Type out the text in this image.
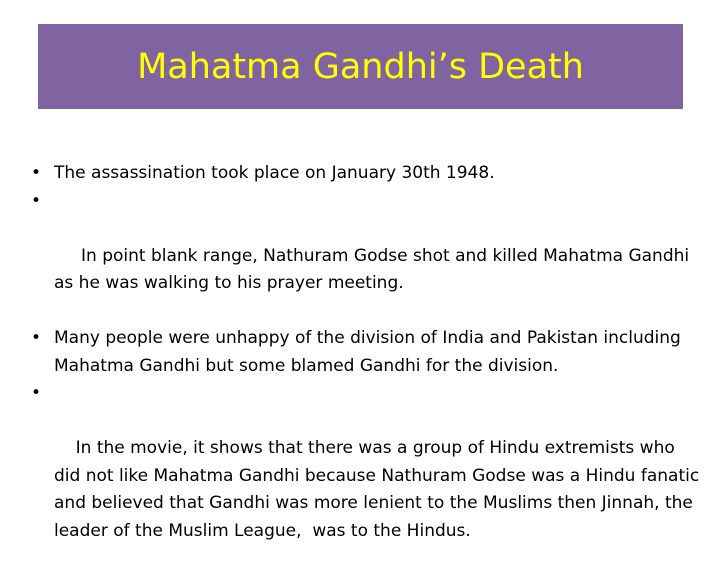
Mahatma Gandhi’s Death
• The assassination took place on January 30th 1948.

•

In point blank range, Nathuram Godse shot and killed Mahatma Gandhi as he was walking to his prayer meeting.

• Many people were unhappy of the division of India and Pakistan including Mahatma Gandhi but some blamed Gandhi for the division.

•

In the movie, it shows that there was a group of Hindu extremists who did not like Mahatma Gandhi because Nathuram Godse was a Hindu fanatic and believed that Gandhi was more lenient to the Muslims then Jinnah, the leader of the Muslim League,  was to the Hindus.
